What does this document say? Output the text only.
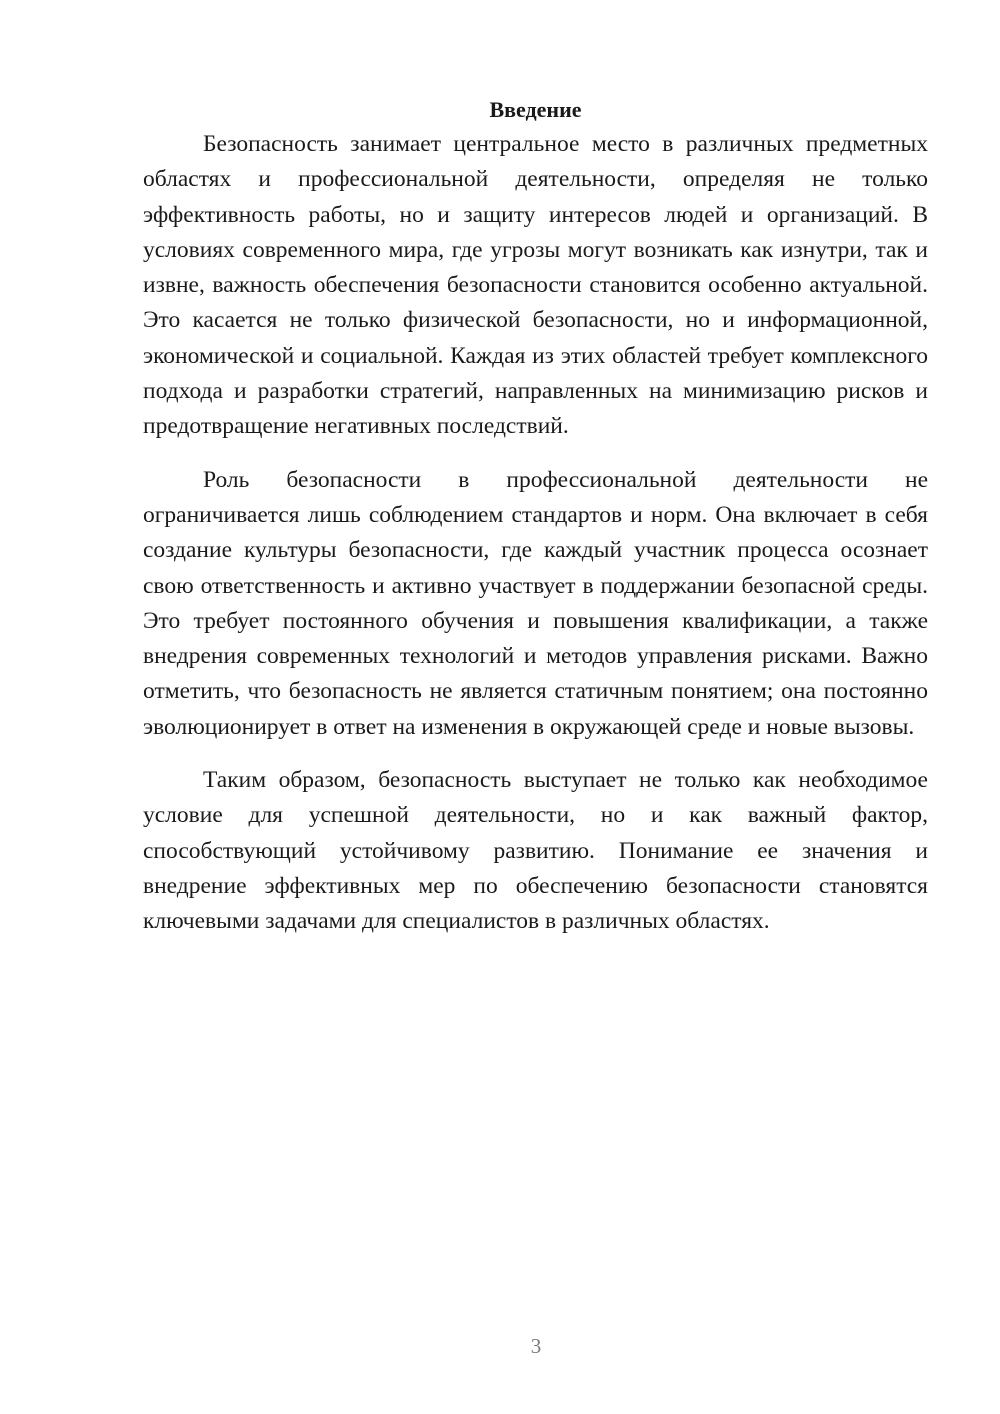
Введение

Безопасность занимает центральное место в различных предметных областях и профессиональной деятельности, определяя не только эффективность работы, но и защиту интересов людей и организаций. В условиях современного мира, где угрозы могут возникать как изнутри, так и извне, важность обеспечения безопасности становится особенно актуальной. Это касается не только физической безопасности, но и информационной, экономической и социальной. Каждая из этих областей требует комплексного подхода и разработки стратегий, направленных на минимизацию рисков и предотвращение негативных последствий.

Роль безопасности в профессиональной деятельности не ограничивается лишь соблюдением стандартов и норм. Она включает в себя создание культуры безопасности, где каждый участник процесса осознает свою ответственность и активно участвует в поддержании безопасной среды. Это требует постоянного обучения и повышения квалификации, а также внедрения современных технологий и методов управления рисками. Важно отметить, что безопасность не является статичным понятием; она постоянно эволюционирует в ответ на изменения в окружающей среде и новые вызовы.

Таким образом, безопасность выступает не только как необходимое условие для успешной деятельности, но и как важный фактор, способствующий устойчивому развитию. Понимание ее значения и внедрение эффективных мер по обеспечению безопасности становятся ключевыми задачами для специалистов в различных областях.

3
